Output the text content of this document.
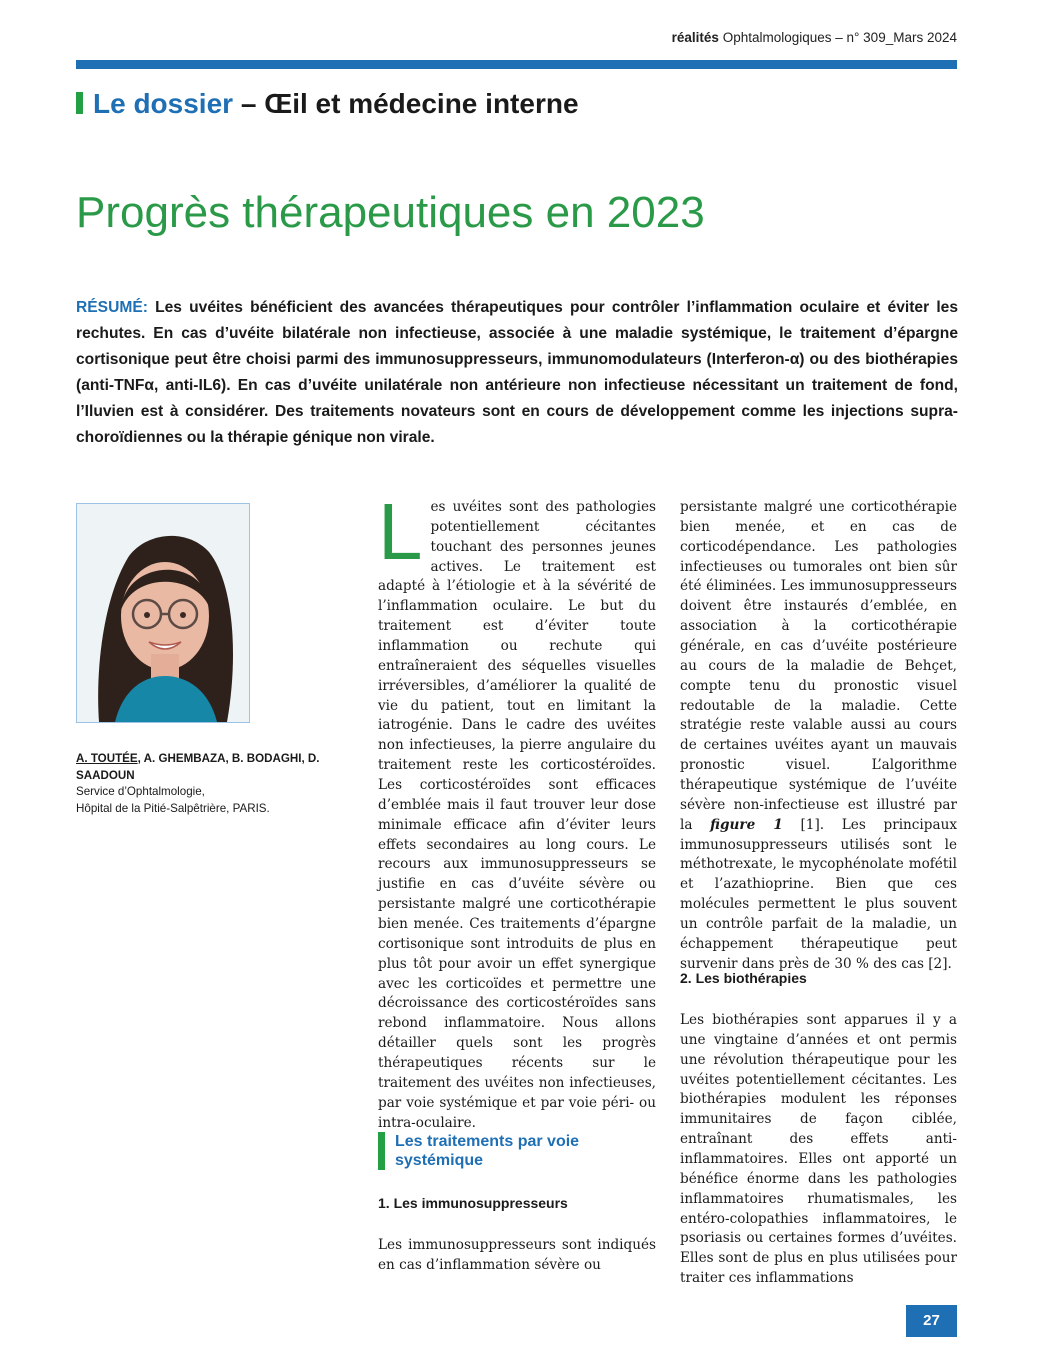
réalités Ophtalmologiques – n° 309_Mars 2024
Le dossier – Œil et médecine interne
Progrès thérapeutiques en 2023

RÉSUMÉ: Les uvéites bénéficient des avancées thérapeutiques pour contrôler l’inflammation oculaire et éviter les rechutes. En cas d’uvéite bilatérale non infectieuse, associée à une maladie systémique, le traitement d’épargne cortisonique peut être choisi parmi des immunosuppresseurs, immunomodulateurs (Interferon-α) ou des biothérapies (anti-TNFα, anti-IL6). En cas d’uvéite unilatérale non antérieure non infectieuse nécessitant un traitement de fond, l’Iluvien est à considérer. Des traitements novateurs sont en cours de développement comme les injections supra-choroïdiennes ou la thérapie génique non virale.

A. TOUTÉE, A. GHEMBAZA, B. BODAGHI, D. SAADOUN
Service d’Ophtalmologie,
Hôpital de la Pitié-Salpêtrière, PARIS.

Les uvéites sont des pathologies potentiellement cécitantes touchant des personnes jeunes actives. Le traitement est adapté à l’étiologie et à la sévérité de l’inflammation oculaire. Le but du traitement est d’éviter toute inflammation ou rechute qui entraîneraient des séquelles visuelles irréversibles, d’améliorer la qualité de vie du patient, tout en limitant la iatrogénie. Dans le cadre des uvéites non infectieuses, la pierre angulaire du traitement reste les corticostéroïdes. Les corticostéroïdes sont efficaces d’emblée mais il faut trouver leur dose minimale efficace afin d’éviter leurs effets secondaires au long cours. Le recours aux immunosuppresseurs se justifie en cas d’uvéite sévère ou persistante malgré une corticothérapie bien menée. Ces traitements d’épargne cortisonique sont introduits de plus en plus tôt pour avoir un effet synergique avec les corticoïdes et permettre une décroissance des corticostéroïdes sans rebond inflammatoire. Nous allons détailler quels sont les progrès thérapeutiques récents sur le traitement des uvéites non infectieuses, par voie systémique et par voie péri- ou intra-oculaire.

Les traitements par voie systémique
1. Les immunosuppresseurs

Les immunosuppresseurs sont indiqués en cas d’inflammation sévère ou

persistante malgré une corticothérapie bien menée, et en cas de corticodépendance. Les pathologies infectieuses ou tumorales ont bien sûr été éliminées. Les immunosuppresseurs doivent être instaurés d’emblée, en association à la corticothérapie générale, en cas d’uvéite postérieure au cours de la maladie de Behçet, compte tenu du pronostic visuel redoutable de la maladie. Cette stratégie reste valable aussi au cours de certaines uvéites ayant un mauvais pronostic visuel. L’algorithme thérapeutique systémique de l’uvéite sévère non-infectieuse est illustré par la figure 1 [1]. Les principaux immunosuppresseurs utilisés sont le méthotrexate, le mycophénolate mofétil et l’azathioprine. Bien que ces molécules permettent le plus souvent un contrôle parfait de la maladie, un échappement thérapeutique peut survenir dans près de 30 % des cas [2].

2. Les biothérapies

Les biothérapies sont apparues il y a une vingtaine d’années et ont permis une révolution thérapeutique pour les uvéites potentiellement cécitantes. Les biothérapies modulent les réponses immunitaires de façon ciblée, entraînant des effets anti-inflammatoires. Elles ont apporté un bénéfice énorme dans les pathologies inflammatoires rhumatismales, les entéro-colopathies inflammatoires, le psoriasis ou certaines formes d’uvéites. Elles sont de plus en plus utilisées pour traiter ces inflammations

27
